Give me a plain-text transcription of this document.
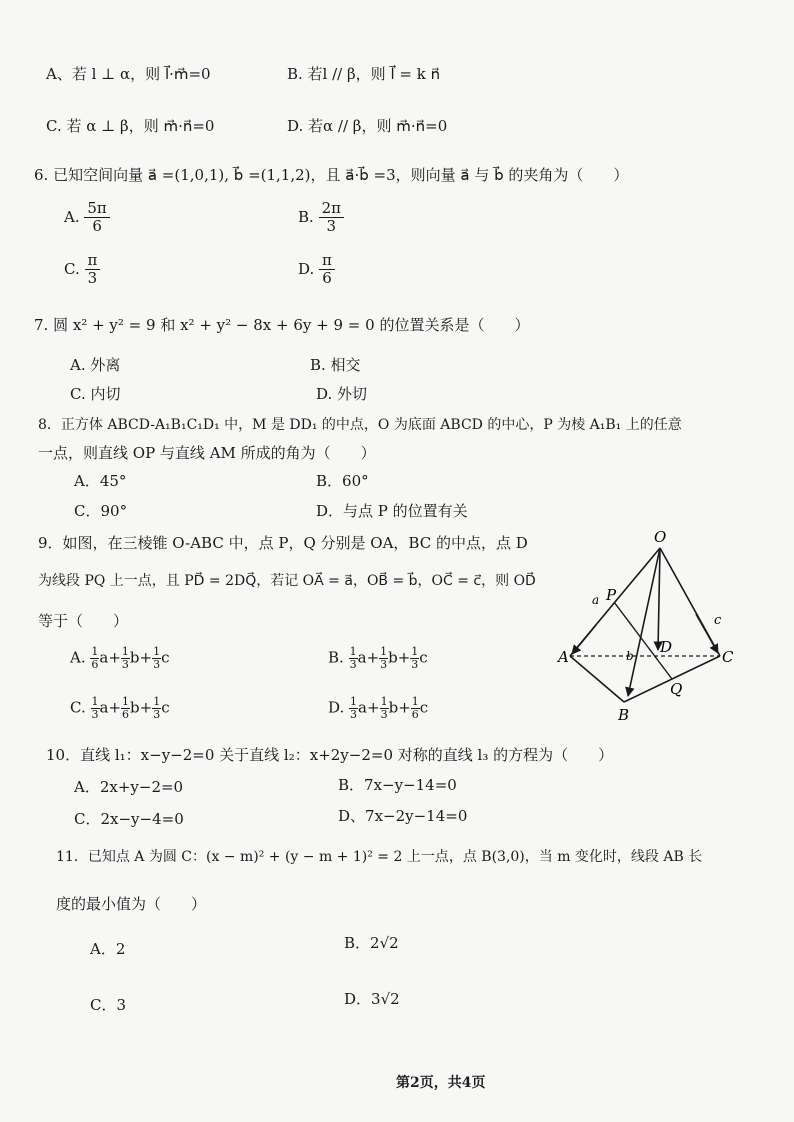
A、若 l ⊥ α，则 l⃗·m⃗=0	B. 若l // β，则 l⃗ = k n⃗
C. 若 α ⊥ β，则 m⃗·n⃗=0	D. 若α // β，则 m⃗·n⃗=0
6. 已知空间向量 a⃗ =(1,0,1), b⃗ =(1,1,2)，且 a⃗·b⃗ =3，则向量 a⃗ 与 b⃗ 的夹角为（　　）
A. $\frac{5\pi}{6}$	B. $\frac{2\pi}{3}$
C. $\frac{\pi}{3}$	D. $\frac{\pi}{6}$
7. 圆 x² + y² = 9 和 x² + y² − 8x + 6y + 9 = 0 的位置关系是（　　）
A. 外离	B. 相交
C. 内切	D. 外切
8．正方体 ABCD-A₁B₁C₁D₁ 中，M 是 DD₁ 的中点，O 为底面 ABCD 的中心，P 为棱 A₁B₁ 上的任意
一点，则直线 OP 与直线 AM 所成的角为（　　）
A．45°	B．60°
C．90°	D．与点 P 的位置有关
9．如图，在三棱锥 O-ABC 中，点 P，Q 分别是 OA，BC 的中点，点 D
为线段 PQ 上一点，且 PD⃗ = 2DQ⃗，若记 OA⃗ = a⃗，OB⃗ = b⃗，OC⃗ = c⃗，则 OD⃗
等于（　　）
A. $\frac{1}{6} a+ \frac{1}{3} b+ \frac{1}{3}$ c	B. $\frac{1}{3} a+ \frac{1}{3} b+ \frac{1}{3}$ c
C. $\frac{1}{3} a+ \frac{1}{6} b+ \frac{1}{3}$ c	D. $\frac{1}{3} a+ \frac{1}{3} b+ \frac{1}{6}$ c
O
P
a
A	C
c
D
b
Q
B
10．直线 l₁：x−y−2=0 关于直线 l₂：x+2y−2=0 对称的直线 l₃ 的方程为（　　）
A．2x+y−2=0	B．7x−y−14=0
C．2x−y−4=0	D、7x−2y−14=0
11．已知点 A 为圆 C：(x − m)² + (y − m + 1)² = 2 上一点，点 B(3,0)，当 m 变化时，线段 AB 长
度的最小值为（　　）
A．2	B．2√2
C．3	D．3√2
第2页，共4页
